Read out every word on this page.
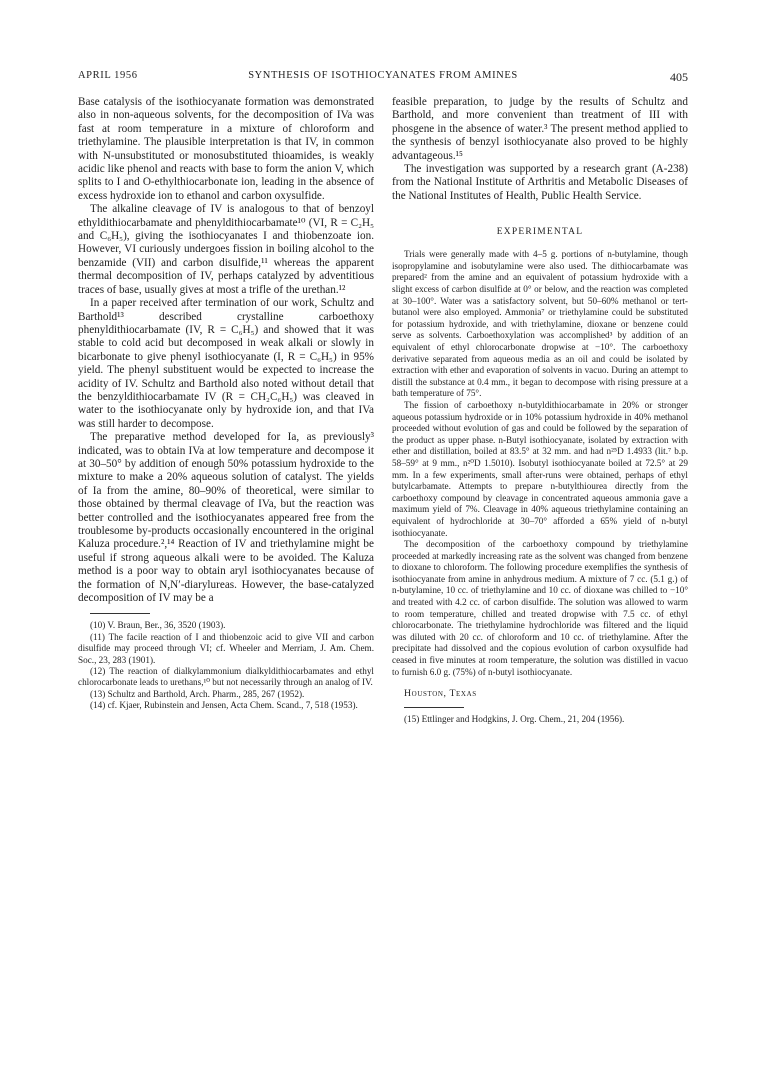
APRIL 1956	SYNTHESIS OF ISOTHIOCYANATES FROM AMINES	405

Base catalysis of the isothiocyanate formation was demonstrated also in non-aqueous solvents, for the decomposition of IVa was fast at room temperature in a mixture of chloroform and triethylamine. The plausible interpretation is that IV, in common with N-unsubstituted or monosubstituted thioamides, is weakly acidic like phenol and reacts with base to form the anion V, which splits to I and O-ethylthiocarbonate ion, leading in the absence of excess hydroxide ion to ethanol and carbon oxysulfide.

The alkaline cleavage of IV is analogous to that of benzoyl ethyldithiocarbamate and phenyldithiocarbamate¹⁰ (VI, R = C₂H₅ and C₆H₅), giving the isothiocyanates I and thiobenzoate ion. However, VI curiously undergoes fission in boiling alcohol to the benzamide (VII) and carbon disulfide,¹¹ whereas the apparent thermal decomposition of IV, perhaps catalyzed by adventitious traces of base, usually gives at most a trifle of the urethan.¹²

In a paper received after termination of our work, Schultz and Barthold¹³ described crystalline carboethoxy phenyldithiocarbamate (IV, R = C₆H₅) and showed that it was stable to cold acid but decomposed in weak alkali or slowly in bicarbonate to give phenyl isothiocyanate (I, R = C₆H₅) in 95% yield. The phenyl substituent would be expected to increase the acidity of IV. Schultz and Barthold also noted without detail that the benzyldithiocarbamate IV (R = CH₂C₆H₅) was cleaved in water to the isothiocyanate only by hydroxide ion, and that IVa was still harder to decompose.

The preparative method developed for Ia, as previously³ indicated, was to obtain IVa at low temperature and decompose it at 30–50° by addition of enough 50% potassium hydroxide to the mixture to make a 20% aqueous solution of catalyst. The yields of Ia from the amine, 80–90% of theoretical, were similar to those obtained by thermal cleavage of IVa, but the reaction was better controlled and the isothiocyanates appeared free from the troublesome by-products occasionally encountered in the original Kaluza procedure.²,¹⁴ Reaction of IV and triethylamine might be useful if strong aqueous alkali were to be avoided. The Kaluza method is a poor way to obtain aryl isothiocyanates because of the formation of N,N′-diarylureas. However, the base-catalyzed decomposition of IV may be a

(10) V. Braun, Ber., 36, 3520 (1903).

(11) The facile reaction of I and thiobenzoic acid to give VII and carbon disulfide may proceed through VI; cf. Wheeler and Merriam, J. Am. Chem. Soc., 23, 283 (1901).

(12) The reaction of dialkylammonium dialkyldithiocarbamates and ethyl chlorocarbonate leads to urethans,¹⁰ but not necessarily through an analog of IV.

(13) Schultz and Barthold, Arch. Pharm., 285, 267 (1952).

(14) cf. Kjaer, Rubinstein and Jensen, Acta Chem. Scand., 7, 518 (1953).

feasible preparation, to judge by the results of Schultz and Barthold, and more convenient than treatment of III with phosgene in the absence of water.³ The present method applied to the synthesis of benzyl isothiocyanate also proved to be highly advantageous.¹⁵

The investigation was supported by a research grant (A-238) from the National Institute of Arthritis and Metabolic Diseases of the National Institutes of Health, Public Health Service.

EXPERIMENTAL

Trials were generally made with 4–5 g. portions of n-butylamine, though isopropylamine and isobutylamine were also used. The dithiocarbamate was prepared² from the amine and an equivalent of potassium hydroxide with a slight excess of carbon disulfide at 0° or below, and the reaction was completed at 30–100°. Water was a satisfactory solvent, but 50–60% methanol or tert-butanol were also employed. Ammonia⁷ or triethylamine could be substituted for potassium hydroxide, and with triethylamine, dioxane or benzene could serve as solvents. Carboethoxylation was accomplished³ by addition of an equivalent of ethyl chlorocarbonate dropwise at −10°. The carboethoxy derivative separated from aqueous media as an oil and could be isolated by extraction with ether and evaporation of solvents in vacuo. During an attempt to distill the substance at 0.4 mm., it began to decompose with rising pressure at a bath temperature of 75°.

The fission of carboethoxy n-butyldithiocarbamate in 20% or stronger aqueous potassium hydroxide or in 10% potassium hydroxide in 40% methanol proceeded without evolution of gas and could be followed by the separation of the product as upper phase. n-Butyl isothiocyanate, isolated by extraction with ether and distillation, boiled at 83.5° at 32 mm. and had n²⁵D 1.4933 (lit.⁷ b.p. 58–59° at 9 mm., n²⁰D 1.5010). Isobutyl isothiocyanate boiled at 72.5° at 29 mm. In a few experiments, small after-runs were obtained, perhaps of ethyl butylcarbamate. Attempts to prepare n-butylthiourea directly from the carboethoxy compound by cleavage in concentrated aqueous ammonia gave a maximum yield of 7%. Cleavage in 40% aqueous triethylamine containing an equivalent of hydrochloride at 30–70° afforded a 65% yield of n-butyl isothiocyanate.

The decomposition of the carboethoxy compound by triethylamine proceeded at markedly increasing rate as the solvent was changed from benzene to dioxane to chloroform. The following procedure exemplifies the synthesis of isothiocyanate from amine in anhydrous medium. A mixture of 7 cc. (5.1 g.) of n-butylamine, 10 cc. of triethylamine and 10 cc. of dioxane was chilled to −10° and treated with 4.2 cc. of carbon disulfide. The solution was allowed to warm to room temperature, chilled and treated dropwise with 7.5 cc. of ethyl chlorocarbonate. The triethylamine hydrochloride was filtered and the liquid was diluted with 20 cc. of chloroform and 10 cc. of triethylamine. After the precipitate had dissolved and the copious evolution of carbon oxysulfide had ceased in five minutes at room temperature, the solution was distilled in vacuo to furnish 6.0 g. (75%) of n-butyl isothiocyanate.

Houston, Texas

(15) Ettlinger and Hodgkins, J. Org. Chem., 21, 204 (1956).
